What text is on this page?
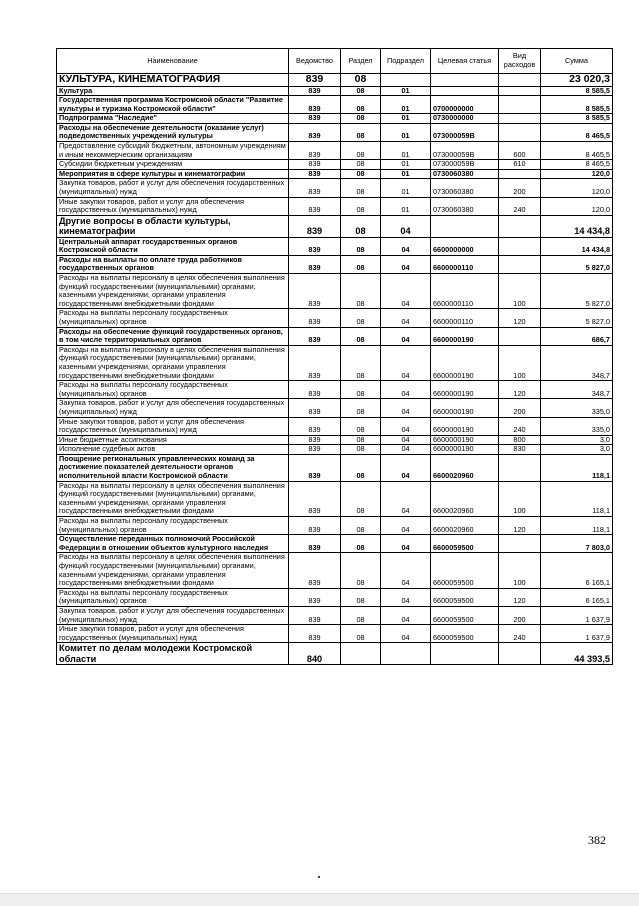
Наименование	Ведомство	Раздел	Подраздел	Целевая статья	Вид расходов	Сумма
КУЛЬТУРА, КИНЕМАТОГРАФИЯ	839	08				23 020,3
Культура	839	08	01			8 585,5
Государственная программа Костромской области "Развитие культуры и туризма Костромской области"	839	08	01	0700000000		8 585,5
Подпрограмма "Наследие"	839	08	01	0730000000		8 585,5
Расходы на обеспечение деятельности (оказание услуг) подведомственных учреждений культуры	839	08	01	073000059В		8 465,5
Предоставление субсидий бюджетным, автономным учреждениям и иным некоммерческим организациям	839	08	01	073000059В	600	8 465,5
Субсидии бюджетным учреждениям	839	08	01	073000059В	610	8 465,5
Мероприятия в сфере культуры и кинематографии	839	08	01	0730060380		120,0
Закупка товаров, работ и услуг для обеспечения государственных (муниципальных) нужд	839	08	01	0730060380	200	120,0
Иные закупки товаров, работ и услуг для обеспечения государственных (муниципальных) нужд	839	08	01	0730060380	240	120,0
Другие вопросы в области культуры, кинематографии	839	08	04			14 434,8
Центральный аппарат государственных органов Костромской области	839	08	04	6600000000		14 434,8
Расходы на выплаты по оплате труда работников государственных органов	839	08	04	6600000110		5 827,0
Расходы на выплаты персоналу в целях обеспечения выполнения функций государственными (муниципальными) органами, казенными учреждениями, органами управления государственными внебюджетными фондами	839	08	04	6600000110	100	5 827,0
Расходы на выплаты персоналу государственных (муниципальных) органов	839	08	04	6600000110	120	5 827,0
Расходы на обеспечение функций государственных органов, в том числе территориальных органов	839	08	04	6600000190		686,7
Расходы на выплаты персоналу в целях обеспечения выполнения функций государственными (муниципальными) органами, казенными учреждениями, органами управления государственными внебюджетными фондами	839	08	04	6600000190	100	348,7
Расходы на выплаты персоналу государственных (муниципальных) органов	839	08	04	6600000190	120	348,7
Закупка товаров, работ и услуг для обеспечения государственных (муниципальных) нужд	839	08	04	6600000190	200	335,0
Иные закупки товаров, работ и услуг для обеспечения государственных (муниципальных) нужд	839	08	04	6600000190	240	335,0
Иные бюджетные ассигнования	839	08	04	6600000190	800	3,0
Исполнение судебных актов	839	08	04	6600000190	830	3,0
Поощрение региональных управленческих команд за достижение показателей деятельности органов исполнительной власти Костромской области	839	08	04	6600020960		118,1
Расходы на выплаты персоналу в целях обеспечения выполнения функций государственными (муниципальными) органами, казенными учреждениями, органами управления государственными внебюджетными фондами	839	08	04	6600020960	100	118,1
Расходы на выплаты персоналу государственных (муниципальных) органов	839	08	04	6600020960	120	118,1
Осуществление переданных полномочий Российской Федерации в отношении объектов культурного наследия	839	08	04	6600059500		7 803,0
Расходы на выплаты персоналу в целях обеспечения выполнения функций государственными (муниципальными) органами, казенными учреждениями, органами управления государственными внебюджетными фондами	839	08	04	6600059500	100	6 165,1
Расходы на выплаты персоналу государственных (муниципальных) органов	839	08	04	6600059500	120	6 165,1
Закупка товаров, работ и услуг для обеспечения государственных (муниципальных) нужд	839	08	04	6600059500	200	1 637,9
Иные закупки товаров, работ и услуг для обеспечения государственных (муниципальных) нужд	839	08	04	6600059500	240	1 637,9
Комитет по делам молодежи Костромской области	840					44 393,5
382
